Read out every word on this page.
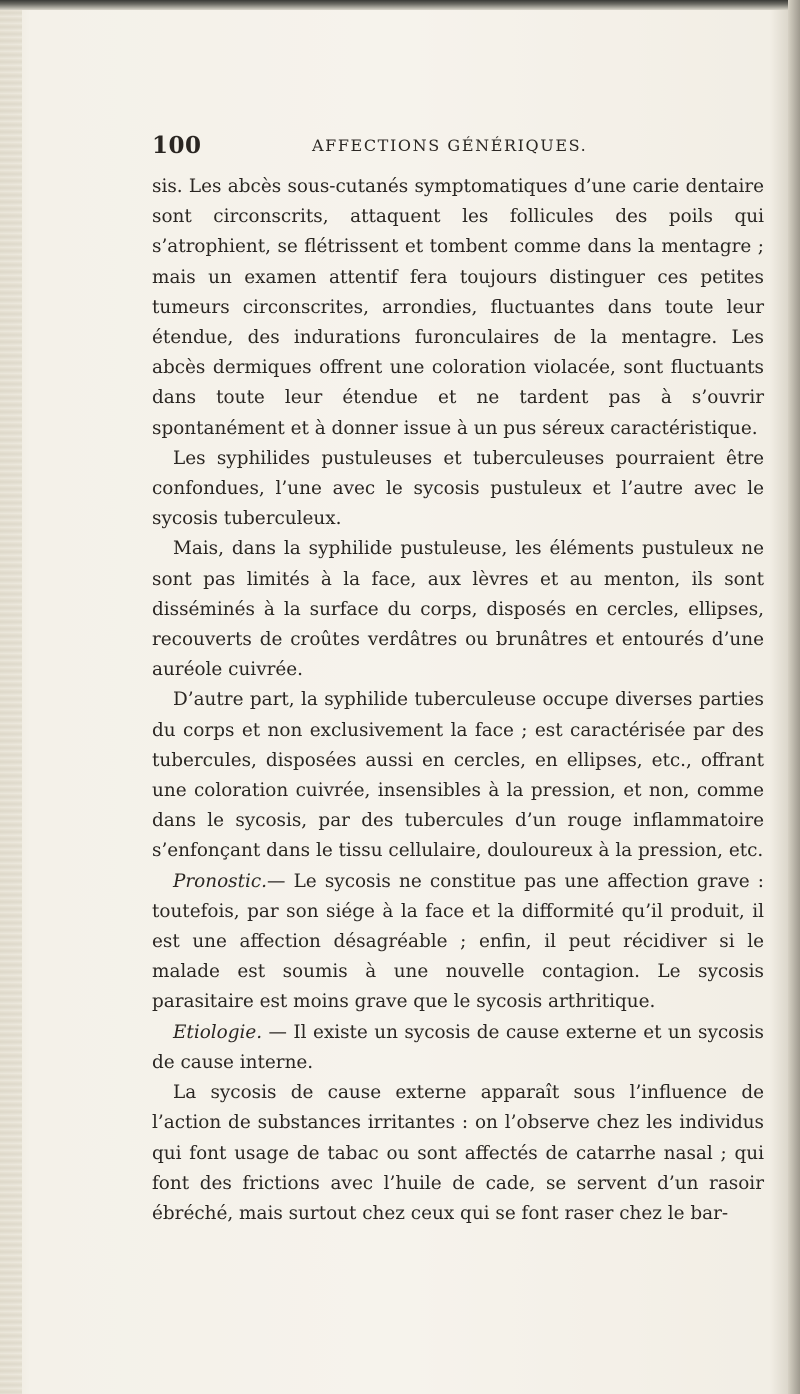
100	AFFECTIONS GÉNÉRIQUES.

sis. Les abcès sous-cutanés symptomatiques d’une carie dentaire sont circonscrits, attaquent les follicules des poils qui s’atrophient, se flétrissent et tombent comme dans la mentagre ; mais un examen attentif fera toujours distinguer ces petites tumeurs circonscrites, arrondies, fluctuantes dans toute leur étendue, des indurations furonculaires de la mentagre. Les abcès dermiques offrent une coloration violacée, sont fluctuants dans toute leur étendue et ne tardent pas à s’ouvrir spontanément et à donner issue à un pus séreux caractéristique.

Les syphilides pustuleuses et tuberculeuses pourraient être confondues, l’une avec le sycosis pustuleux et l’autre avec le sycosis tuberculeux.

Mais, dans la syphilide pustuleuse, les éléments pustuleux ne sont pas limités à la face, aux lèvres et au menton, ils sont disséminés à la surface du corps, disposés en cercles, ellipses, recouverts de croûtes verdâtres ou brunâtres et entourés d’une auréole cuivrée.

D’autre part, la syphilide tuberculeuse occupe diverses parties du corps et non exclusivement la face ; est caractérisée par des tubercules, disposées aussi en cercles, en ellipses, etc., offrant une coloration cuivrée, insensibles à la pression, et non, comme dans le sycosis, par des tubercules d’un rouge inflammatoire s’enfonçant dans le tissu cellulaire, douloureux à la pression, etc.

Pronostic.— Le sycosis ne constitue pas une affection grave : toutefois, par son siége à la face et la difformité qu’il produit, il est une affection désagréable ; enfin, il peut récidiver si le malade est soumis à une nouvelle contagion. Le sycosis parasitaire est moins grave que le sycosis arthritique.

Etiologie. — Il existe un sycosis de cause externe et un sycosis de cause interne.

La sycosis de cause externe apparaît sous l’influence de l’action de substances irritantes : on l’observe chez les individus qui font usage de tabac ou sont affectés de catarrhe nasal ; qui font des frictions avec l’huile de cade, se servent d’un rasoir ébréché, mais surtout chez ceux qui se font raser chez le bar-
